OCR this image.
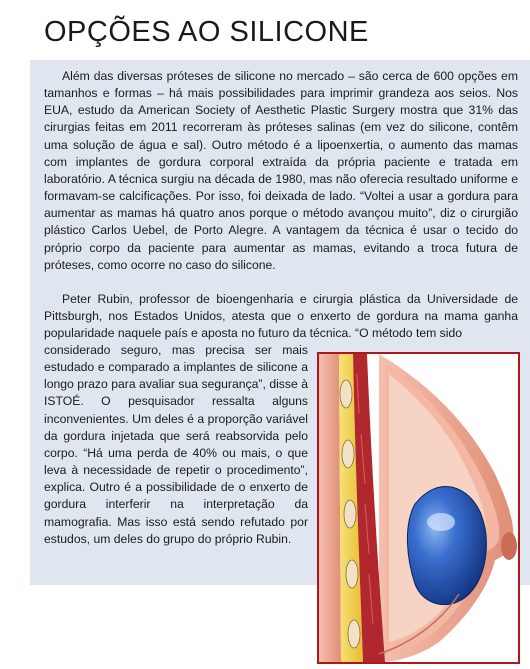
OPÇÕES AO SILICONE

Além das diversas próteses de silicone no mercado – são cerca de 600 opções em tamanhos e formas – há mais possibilidades para imprimir grandeza aos seios. Nos EUA, estudo da American Society of Aesthetic Plastic Surgery mostra que 31% das cirurgias feitas em 2011 recorreram às próteses salinas (em vez do silicone, contêm uma solução de água e sal). Outro método é a lipoenxertia, o aumento das mamas com implantes de gordura corporal extraída da própria paciente e tratada em laboratório. A técnica surgiu na década de 1980, mas não oferecia resultado uniforme e formavam-se calcificações. Por isso, foi deixada de lado. “Voltei a usar a gordura para aumentar as mamas há quatro anos porque o método avançou muito”, diz o cirurgião plástico Carlos Uebel, de Porto Alegre. A vantagem da técnica é usar o tecido do próprio corpo da paciente para aumentar as mamas, evitando a troca futura de próteses, como ocorre no caso do silicone.

Peter Rubin, professor de bioengenharia e cirurgia plástica da Universidade de Pittsburgh, nos Estados Unidos, atesta que o enxerto de gordura na mama ganha popularidade naquele país e aposta no futuro da técnica. “O método tem sido

considerado seguro, mas precisa ser mais estudado e comparado a implantes de silicone a longo prazo para avaliar sua segurança”, disse à ISTOÉ. O pesquisador ressalta alguns inconvenientes. Um deles é a proporção variável da gordura injetada que será reabsorvida pelo corpo. “Há uma perda de 40% ou mais, o que leva à necessidade de repetir o procedimento”, explica. Outro é a possibilidade de o enxerto de gordura interferir na interpretação da mamografia. Mas isso está sendo refutado por estudos, um deles do grupo do próprio Rubin.
